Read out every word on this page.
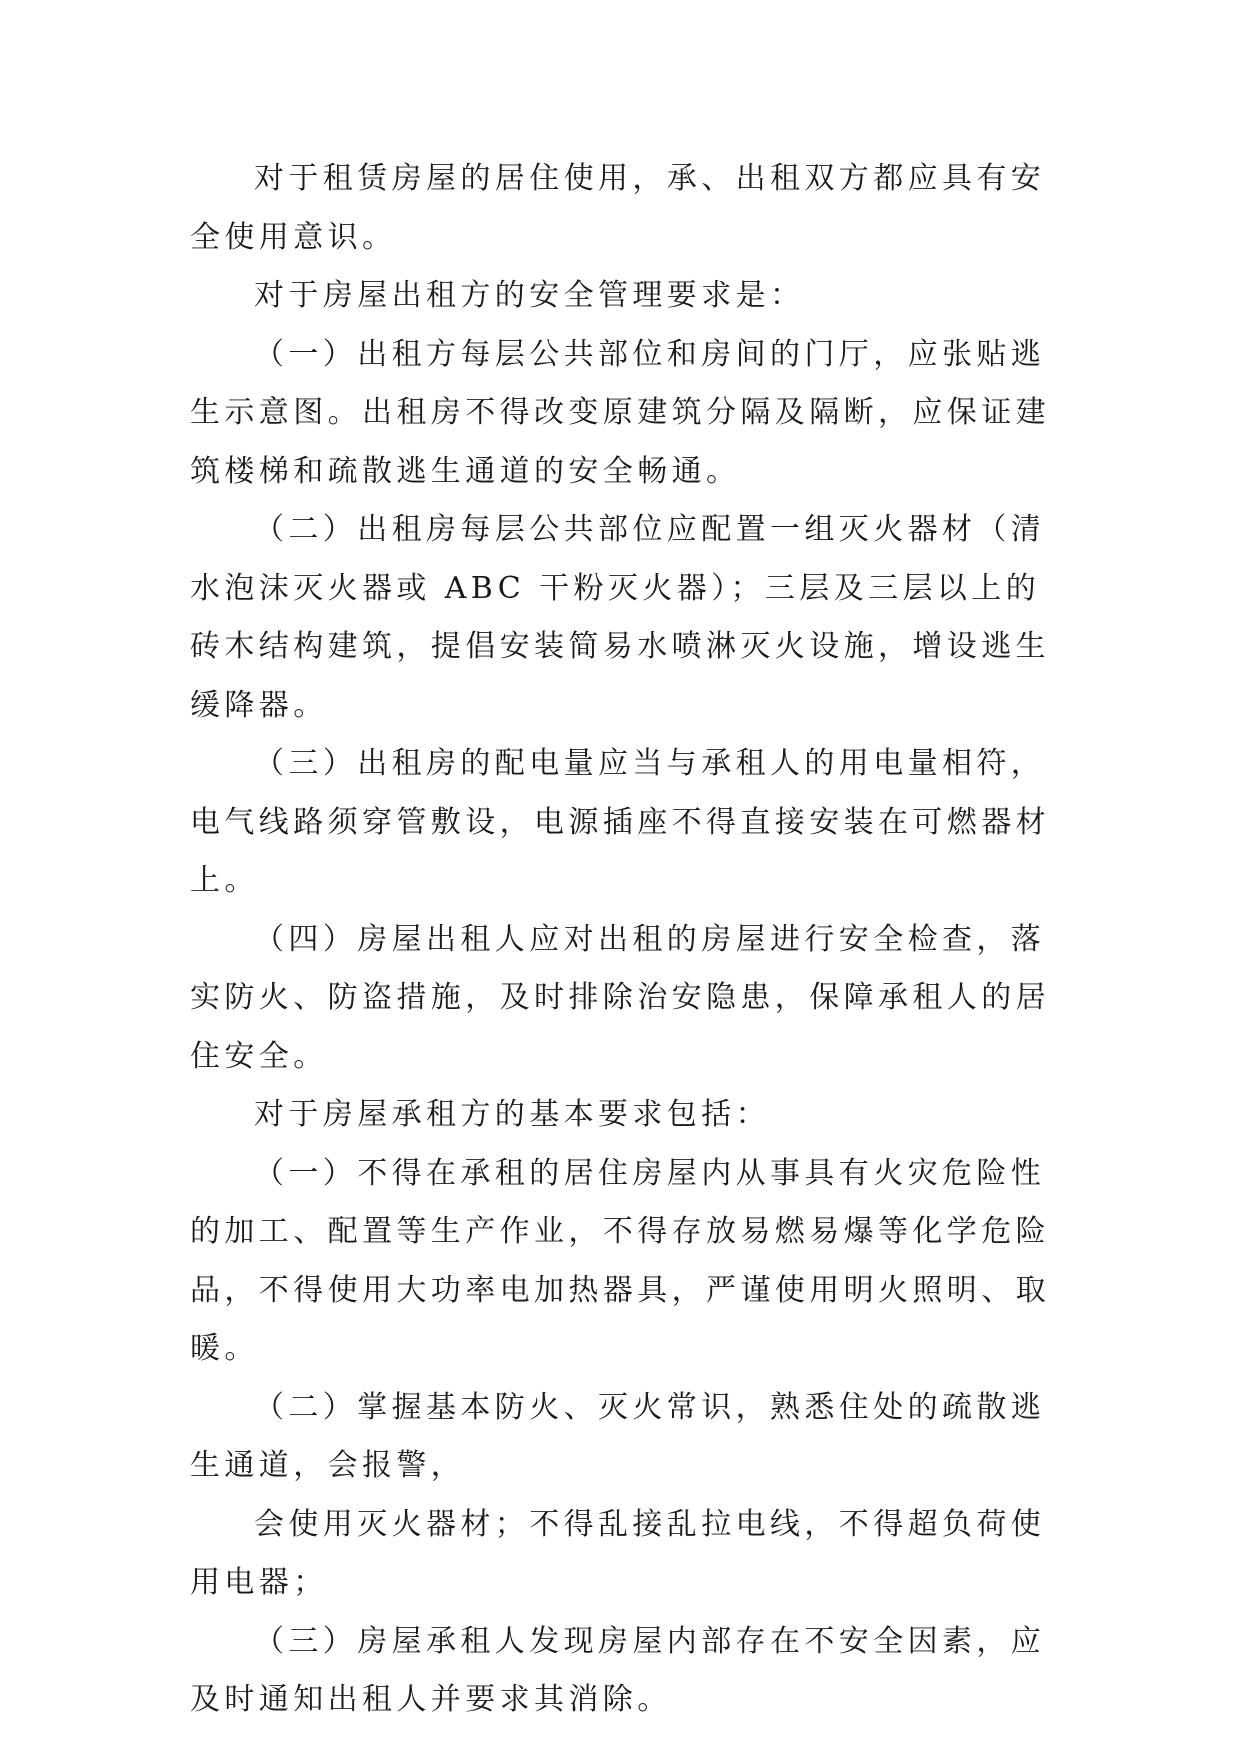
对于租赁房屋的居住使用，承、出租双方都应具有安全使用意识。

对于房屋出租方的安全管理要求是：

（一）出租方每层公共部位和房间的门厅，应张贴逃生示意图。出租房不得改变原建筑分隔及隔断，应保证建筑楼梯和疏散逃生通道的安全畅通。

（二）出租房每层公共部位应配置一组灭火器材（清水泡沫灭火器或 ABC 干粉灭火器）；三层及三层以上的砖木结构建筑，提倡安装简易水喷淋灭火设施，增设逃生缓降器。

（三）出租房的配电量应当与承租人的用电量相符，电气线路须穿管敷设，电源插座不得直接安装在可燃器材上。

（四）房屋出租人应对出租的房屋进行安全检查，落实防火、防盗措施，及时排除治安隐患，保障承租人的居住安全。

对于房屋承租方的基本要求包括：

（一）不得在承租的居住房屋内从事具有火灾危险性的加工、配置等生产作业，不得存放易燃易爆等化学危险品，不得使用大功率电加热器具，严谨使用明火照明、取暖。

（二）掌握基本防火、灭火常识，熟悉住处的疏散逃生通道，会报警，

会使用灭火器材；不得乱接乱拉电线，不得超负荷使用电器；

（三）房屋承租人发现房屋内部存在不安全因素，应及时通知出租人并要求其消除。
